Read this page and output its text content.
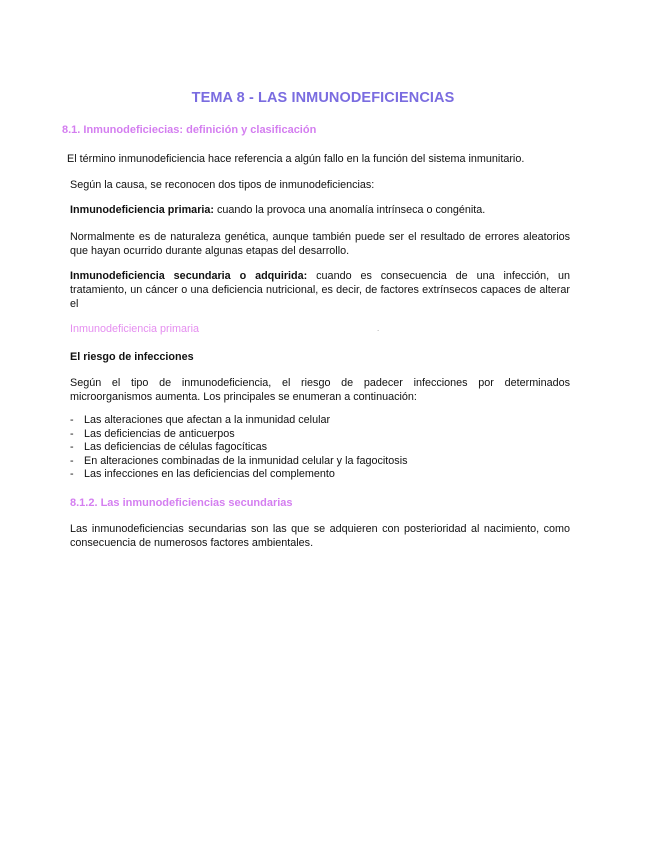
TEMA 8 - LAS INMUNODEFICIENCIAS
8.1. Inmunodeficiecias: definición y clasificación
El término inmunodeficiencia hace referencia a algún fallo en la función del sistema inmunitario.
Según la causa, se reconocen dos tipos de inmunodeficiencias:
Inmunodeficiencia primaria: cuando la provoca una anomalía intrínseca o congénita.
Normalmente es de naturaleza genética, aunque también puede ser el resultado de errores aleatorios que hayan ocurrido durante algunas etapas del desarrollo.
Inmunodeficiencia secundaria o adquirida: cuando es consecuencia de una infección, un tratamiento, un cáncer o una deficiencia nutricional, es decir, de factores extrínsecos capaces de alterar el
Inmunodeficiencia primaria	.
El riesgo de infecciones
Según el tipo de inmunodeficiencia, el riesgo de padecer infecciones por determinados microorganismos aumenta. Los principales se enumeran a continuación:
- Las alteraciones que afectan a la inmunidad celular
- Las deficiencias de anticuerpos
- Las deficiencias de células fagocíticas
- En alteraciones combinadas de la inmunidad celular y la fagocitosis
- Las infecciones en las deficiencias del complemento
8.1.2. Las inmunodeficiencias secundarias
Las inmunodeficiencias secundarias son las que se adquieren con posterioridad al nacimiento, como consecuencia de numerosos factores ambientales.
